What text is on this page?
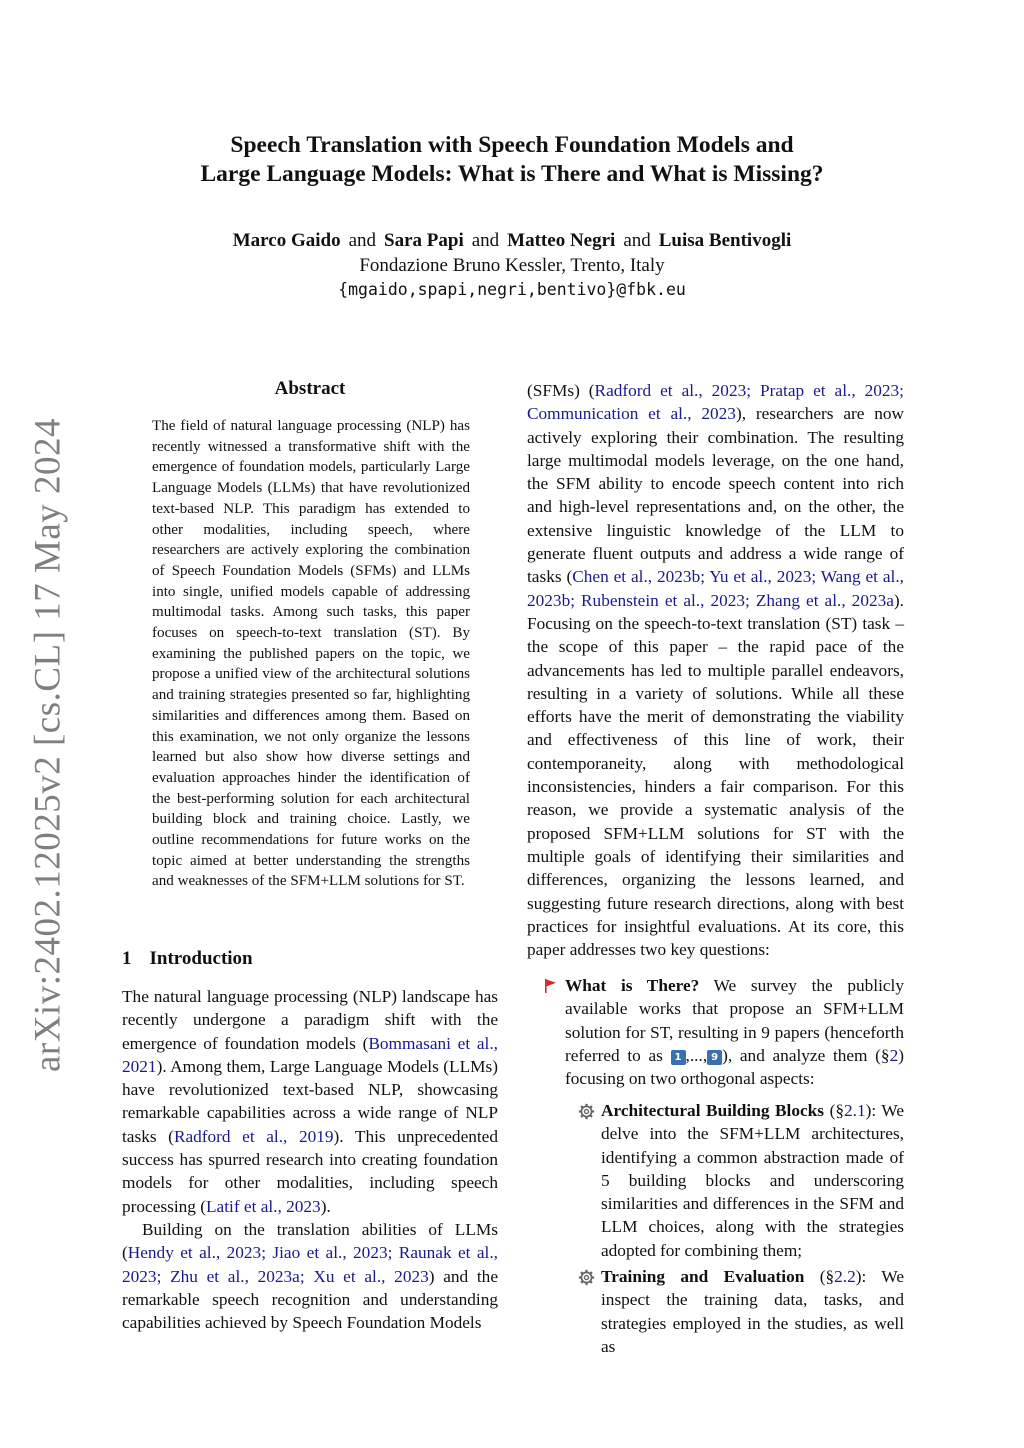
arXiv:2402.12025v2 [cs.CL] 17 May 2024
Speech Translation with Speech Foundation Models and
Large Language Models: What is There and What is Missing?
Marco Gaido and Sara Papi and Matteo Negri and Luisa Bentivogli
Fondazione Bruno Kessler, Trento, Italy
{mgaido,spapi,negri,bentivo}@fbk.eu
Abstract
The field of natural language processing (NLP) has recently witnessed a transformative shift with the emergence of foundation models, particularly Large Language Models (LLMs) that have revolutionized text-based NLP. This paradigm has extended to other modalities, including speech, where researchers are actively exploring the combination of Speech Foundation Models (SFMs) and LLMs into single, unified models capable of addressing multimodal tasks. Among such tasks, this paper focuses on speech-to-text translation (ST). By examining the published papers on the topic, we propose a unified view of the architectural solutions and training strategies presented so far, highlighting similarities and differences among them. Based on this examination, we not only organize the lessons learned but also show how diverse settings and evaluation approaches hinder the identification of the best-performing solution for each architectural building block and training choice. Lastly, we outline recommendations for future works on the topic aimed at better understanding the strengths and weaknesses of the SFM+LLM solutions for ST.
1 Introduction

The natural language processing (NLP) landscape has recently undergone a paradigm shift with the emergence of foundation models (Bommasani et al., 2021). Among them, Large Language Models (LLMs) have revolutionized text-based NLP, showcasing remarkable capabilities across a wide range of NLP tasks (Radford et al., 2019). This unprecedented success has spurred research into creating foundation models for other modalities, including speech processing (Latif et al., 2023).

Building on the translation abilities of LLMs (Hendy et al., 2023; Jiao et al., 2023; Raunak et al., 2023; Zhu et al., 2023a; Xu et al., 2023) and the remarkable speech recognition and understanding capabilities achieved by Speech Foundation Models

(SFMs) (Radford et al., 2023; Pratap et al., 2023; Communication et al., 2023), researchers are now actively exploring their combination. The resulting large multimodal models leverage, on the one hand, the SFM ability to encode speech content into rich and high-level representations and, on the other, the extensive linguistic knowledge of the LLM to generate fluent outputs and address a wide range of tasks (Chen et al., 2023b; Yu et al., 2023; Wang et al., 2023b; Rubenstein et al., 2023; Zhang et al., 2023a). Focusing on the speech-to-text translation (ST) task – the scope of this paper – the rapid pace of the advancements has led to multiple parallel endeavors, resulting in a variety of solutions. While all these efforts have the merit of demonstrating the viability and effectiveness of this line of work, their contemporaneity, along with methodological inconsistencies, hinders a fair comparison. For this reason, we provide a systematic analysis of the proposed SFM+LLM solutions for ST with the multiple goals of identifying their similarities and differences, organizing the lessons learned, and suggesting future research directions, along with best practices for insightful evaluations. At its core, this paper addresses two key questions:

What is There? We survey the publicly available works that propose an SFM+LLM solution for ST, resulting in 9 papers (henceforth referred to as 1 ,..., 9 ), and analyze them (§2) focusing on two orthogonal aspects:

Architectural Building Blocks (§2.1): We delve into the SFM+LLM architectures, identifying a common abstraction made of 5 building blocks and underscoring similarities and differences in the SFM and LLM choices, along with the strategies adopted for combining them;

Training and Evaluation (§2.2): We inspect the training data, tasks, and strategies employed in the studies, as well as
